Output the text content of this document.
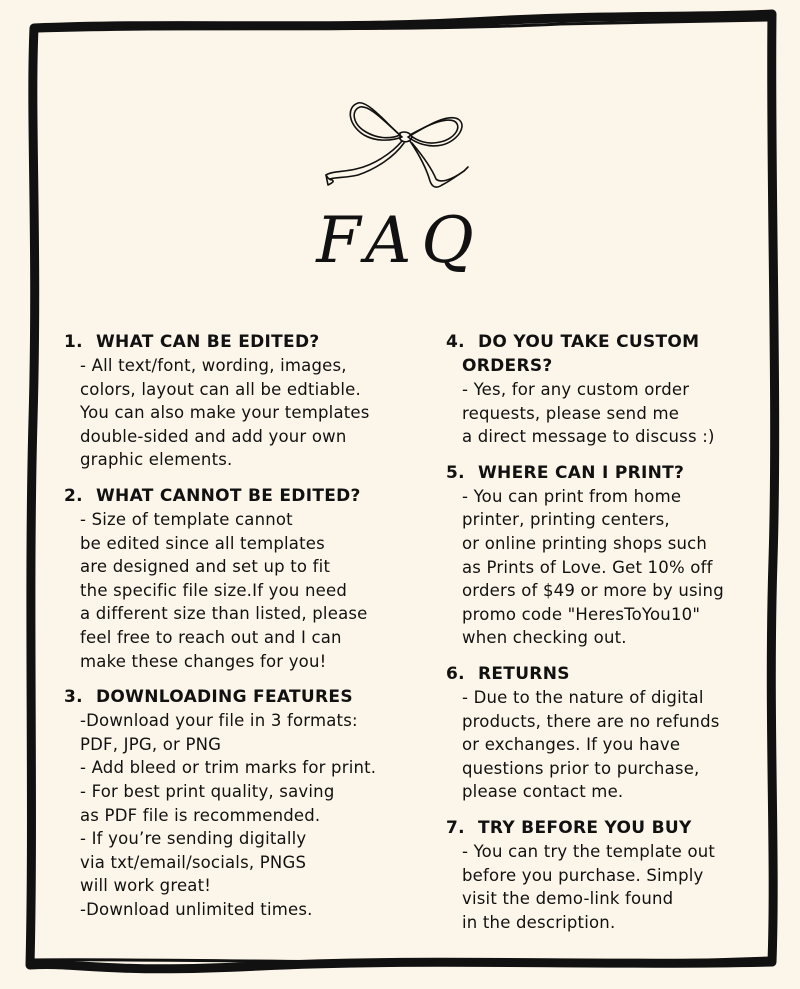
FAQ
1. WHAT CAN BE EDITED?
- All text/font, wording, images,
colors, layout can all be edtiable.
You can also make your templates
double-sided and add your own
graphic elements.
2. WHAT CANNOT BE EDITED?
- Size of template cannot
be edited since all templates
are designed and set up to fit
the specific file size.If you need
a different size than listed, please
feel free to reach out and I can
make these changes for you!
3. DOWNLOADING FEATURES
-Download your file in 3 formats:
PDF, JPG, or PNG
- Add bleed or trim marks for print.
- For best print quality, saving
as PDF file is recommended.
- If you’re sending digitally
via txt/email/socials, PNGS
will work great!
-Download unlimited times.
4. DO YOU TAKE CUSTOM
ORDERS?
- Yes, for any custom order
requests, please send me
a direct message to discuss :)
5. WHERE CAN I PRINT?
- You can print from home
printer, printing centers,
or online printing shops such
as Prints of Love. Get 10% off
orders of $49 or more by using
promo code "HeresToYou10"
when checking out.
6. RETURNS
- Due to the nature of digital
products, there are no refunds
or exchanges. If you have
questions prior to purchase,
please contact me.
7. TRY BEFORE YOU BUY
- You can try the template out
before you purchase. Simply
visit the demo-link found
in the description.
